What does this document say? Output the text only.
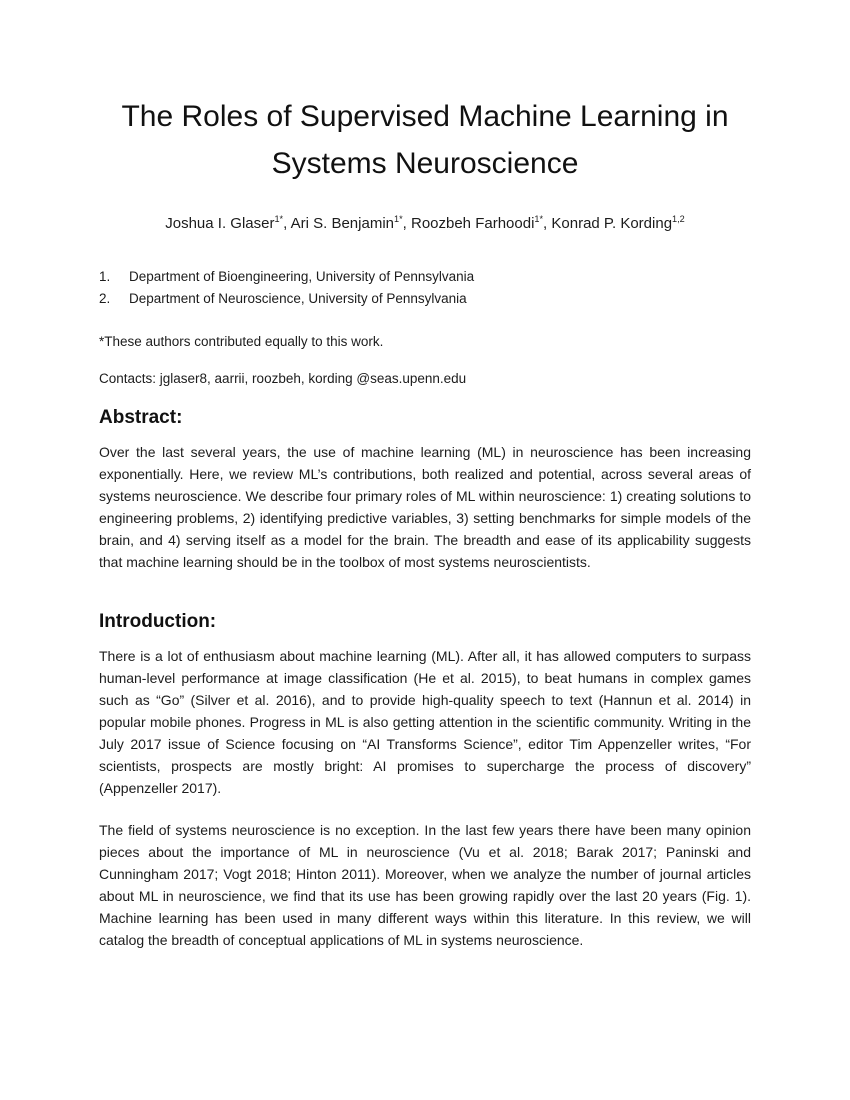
The Roles of Supervised Machine Learning in Systems Neuroscience
Joshua I. Glaser$^{1*}$, Ari S. Benjamin$^{1*}$, Roozbeh Farhoodi$^{1*}$, Konrad P. Kording$^{1,2}$
1.	Department of Bioengineering, University of Pennsylvania
2.	Department of Neuroscience, University of Pennsylvania
*These authors contributed equally to this work.
Contacts: jglaser8, aarrii, roozbeh, kording @seas.upenn.edu
Abstract:

Over the last several years, the use of machine learning (ML) in neuroscience has been increasing exponentially. Here, we review ML’s contributions, both realized and potential, across several areas of systems neuroscience. We describe four primary roles of ML within neuroscience: 1) creating solutions to engineering problems, 2) identifying predictive variables, 3) setting benchmarks for simple models of the brain, and 4) serving itself as a model for the brain. The breadth and ease of its applicability suggests that machine learning should be in the toolbox of most systems neuroscientists.

Introduction:

There is a lot of enthusiasm about machine learning (ML). After all, it has allowed computers to surpass human-level performance at image classification (He et al. 2015), to beat humans in complex games such as “Go” (Silver et al. 2016), and to provide high-quality speech to text (Hannun et al. 2014) in popular mobile phones. Progress in ML is also getting attention in the scientific community. Writing in the July 2017 issue of Science focusing on “AI Transforms Science”, editor Tim Appenzeller writes, “For scientists, prospects are mostly bright: AI promises to supercharge the process of discovery” (Appenzeller 2017).

The field of systems neuroscience is no exception. In the last few years there have been many opinion pieces about the importance of ML in neuroscience (Vu et al. 2018; Barak 2017; Paninski and Cunningham 2017; Vogt 2018; Hinton 2011). Moreover, when we analyze the number of journal articles about ML in neuroscience, we find that its use has been growing rapidly over the last 20 years (Fig. 1). Machine learning has been used in many different ways within this literature. In this review, we will catalog the breadth of conceptual applications of ML in systems neuroscience.
